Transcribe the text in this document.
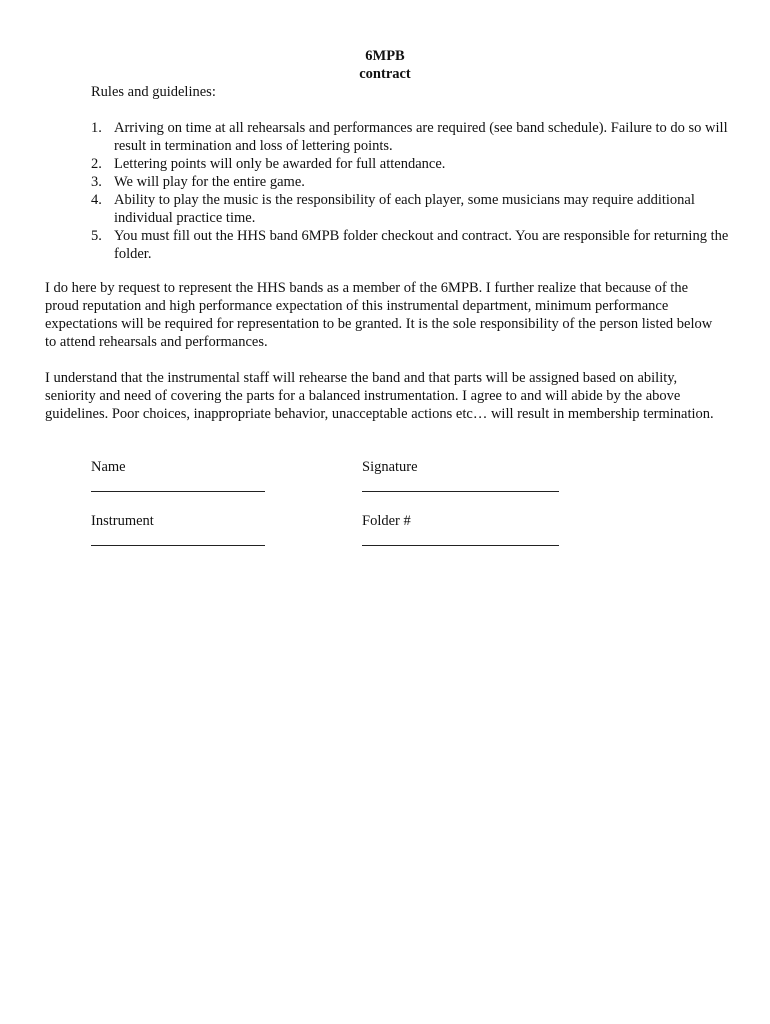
6MPB
contract
Rules and guidelines:
1. Arriving on time at all rehearsals and performances are required (see band schedule). Failure to do so will result in termination and loss of lettering points.
2. Lettering points will only be awarded for full attendance.
3. We will play for the entire game.
4. Ability to play the music is the responsibility of each player, some musicians may require additional individual practice time.
5. You must fill out the HHS band 6MPB folder checkout and contract. You are responsible for returning the folder.

I do here by request to represent the HHS bands as a member of the 6MPB. I further realize that because of the proud reputation and high performance expectation of this instrumental department, minimum performance expectations will be required for representation to be granted. It is the sole responsibility of the person listed below to attend rehearsals and performances.

I understand that the instrumental staff will rehearse the band and that parts will be assigned based on ability, seniority and need of covering the parts for a balanced instrumentation. I agree to and will abide by the above guidelines. Poor choices, inappropriate behavior, unacceptable actions etc… will result in membership termination.

Name	Signature
Instrument	Folder #
